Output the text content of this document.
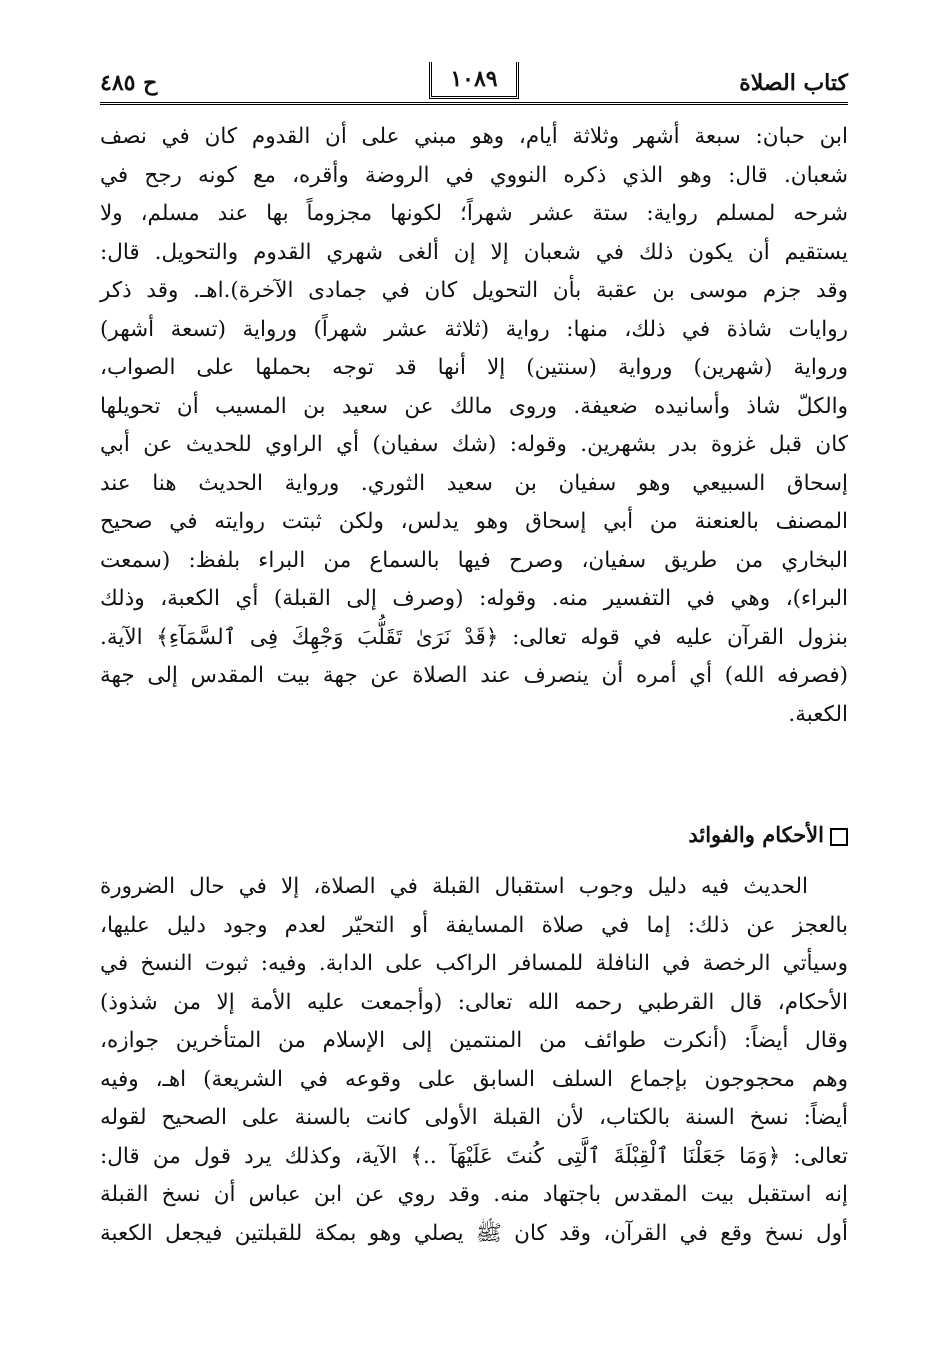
كتاب الصلاة
١٠٨٩
ح ٤٨٥
ابن حبان: سبعة أشهر وثلاثة أيام، وهو مبني على أن القدوم كان في نصف
شعبان. قال: وهو الذي ذكره النووي في الروضة وأقره، مع كونه رجح في
شرحه لمسلم رواية: ستة عشر شهراً؛ لكونها مجزوماً بها عند مسلم، ولا
يستقيم أن يكون ذلك في شعبان إلا إن ألغى شهري القدوم والتحويل. قال:
وقد جزم موسى بن عقبة بأن التحويل كان في جمادى الآخرة).اهـ. وقد ذكر
روايات شاذة في ذلك، منها: رواية (ثلاثة عشر شهراً) ورواية (تسعة أشهر)
ورواية (شهرين) ورواية (سنتين) إلا أنها قد توجه بحملها على الصواب،
والكلّ شاذ وأسانيده ضعيفة. وروى مالك عن سعيد بن المسيب أن تحويلها
كان قبل غزوة بدر بشهرين. وقوله: (شك سفيان) أي الراوي للحديث عن أبي
إسحاق السبيعي وهو سفيان بن سعيد الثوري. ورواية الحديث هنا عند
المصنف بالعنعنة من أبي إسحاق وهو يدلس، ولكن ثبتت روايته في صحيح
البخاري من طريق سفيان، وصرح فيها بالسماع من البراء بلفظ: (سمعت
البراء)، وهي في التفسير منه. وقوله: (وصرف إلى القبلة) أي الكعبة، وذلك
بنزول القرآن عليه في قوله تعالى: ﴿قَدْ نَرَىٰ تَقَلُّبَ وَجْهِكَ فِى ٱلسَّمَآءِ﴾ الآية.
(فصرفه الله) أي أمره أن ينصرف عند الصلاة عن جهة بيت المقدس إلى جهة
الكعبة.
الأحكام والفوائد
الحديث فيه دليل وجوب استقبال القبلة في الصلاة، إلا في حال الضرورة
بالعجز عن ذلك: إما في صلاة المسايفة أو التحيّر لعدم وجود دليل عليها،
وسيأتي الرخصة في النافلة للمسافر الراكب على الدابة. وفيه: ثبوت النسخ في
الأحكام، قال القرطبي رحمه الله تعالى: (وأجمعت عليه الأمة إلا من شذوذ)
وقال أيضاً: (أنكرت طوائف من المنتمين إلى الإسلام من المتأخرين جوازه،
وهم محجوجون بإجماع السلف السابق على وقوعه في الشريعة) اهـ، وفيه
أيضاً: نسخ السنة بالكتاب، لأن القبلة الأولى كانت بالسنة على الصحيح لقوله
تعالى: ﴿وَمَا جَعَلْنَا ٱلْقِبْلَةَ ٱلَّتِى كُنتَ عَلَيْهَآ ..﴾ الآية، وكذلك يرد قول من قال:
إنه استقبل بيت المقدس باجتهاد منه. وقد روي عن ابن عباس أن نسخ القبلة
أول نسخ وقع في القرآن، وقد كان ﷺ يصلي وهو بمكة للقبلتين فيجعل الكعبة
